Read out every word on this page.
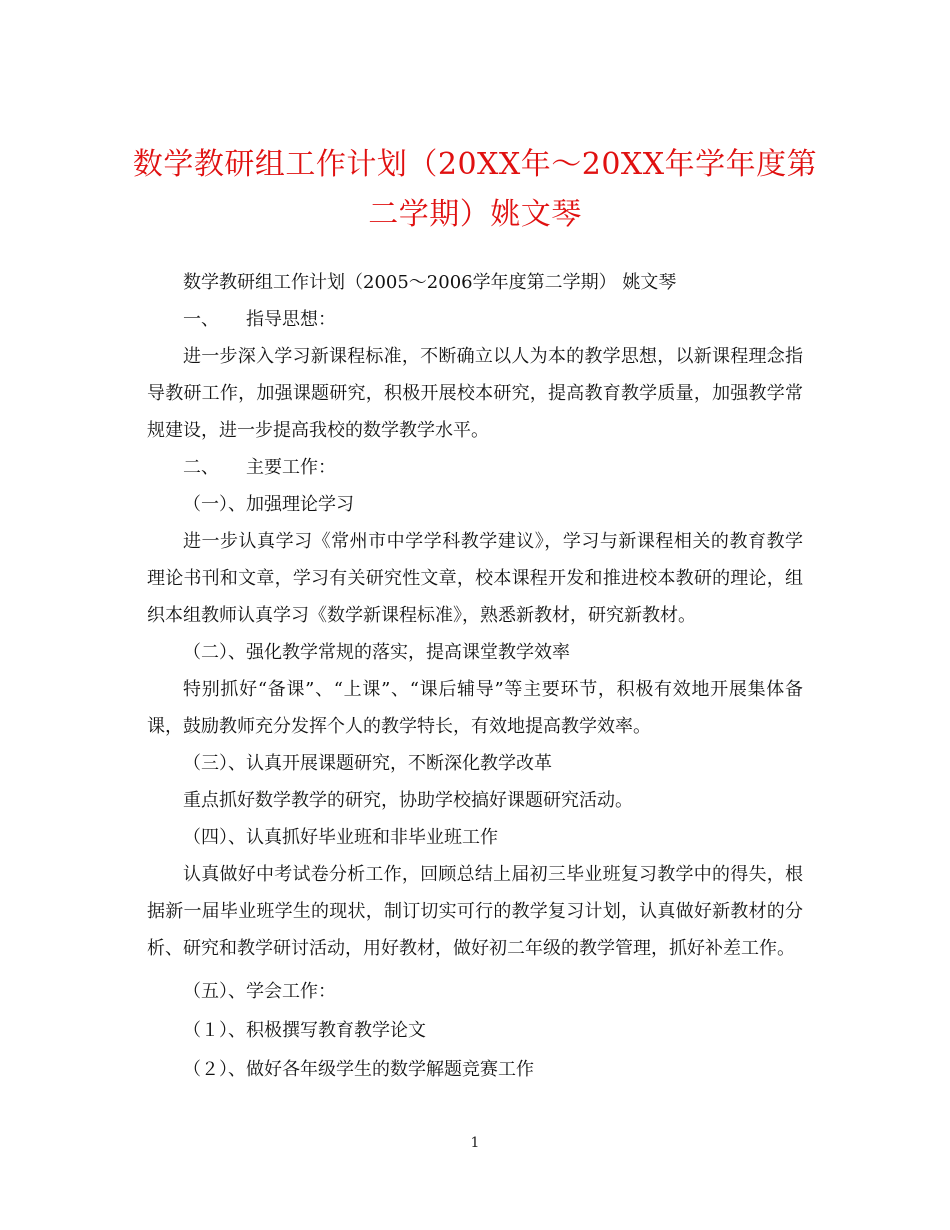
数学教研组工作计划（20XX年～20XX年学年度第二学期）姚文琴

数学教研组工作计划（2005～2006学年度第二学期） 姚文琴

一、　　指导思想：

进一步深入学习新课程标准，不断确立以人为本的教学思想，以新课程理念指导教研工作，加强课题研究，积极开展校本研究，提高教育教学质量，加强教学常规建设，进一步提高我校的数学教学水平。

二、　　主要工作：

（一）、加强理论学习

进一步认真学习《常州市中学学科教学建议》，学习与新课程相关的教育教学理论书刊和文章，学习有关研究性文章，校本课程开发和推进校本教研的理论，组织本组教师认真学习《数学新课程标准》，熟悉新教材，研究新教材。

（二）、强化教学常规的落实，提高课堂教学效率

特别抓好“备课”、“上课”、“课后辅导”等主要环节，积极有效地开展集体备课，鼓励教师充分发挥个人的教学特长，有效地提高教学效率。

（三）、认真开展课题研究，不断深化教学改革

重点抓好数学教学的研究，协助学校搞好课题研究活动。

（四）、认真抓好毕业班和非毕业班工作

认真做好中考试卷分析工作，回顾总结上届初三毕业班复习教学中的得失，根据新一届毕业班学生的现状，制订切实可行的教学复习计划，认真做好新教材的分析、研究和教学研讨活动，用好教材，做好初二年级的教学管理，抓好补差工作。

（五）、学会工作：

（１）、积极撰写教育教学论文

（２）、做好各年级学生的数学解题竞赛工作

1
